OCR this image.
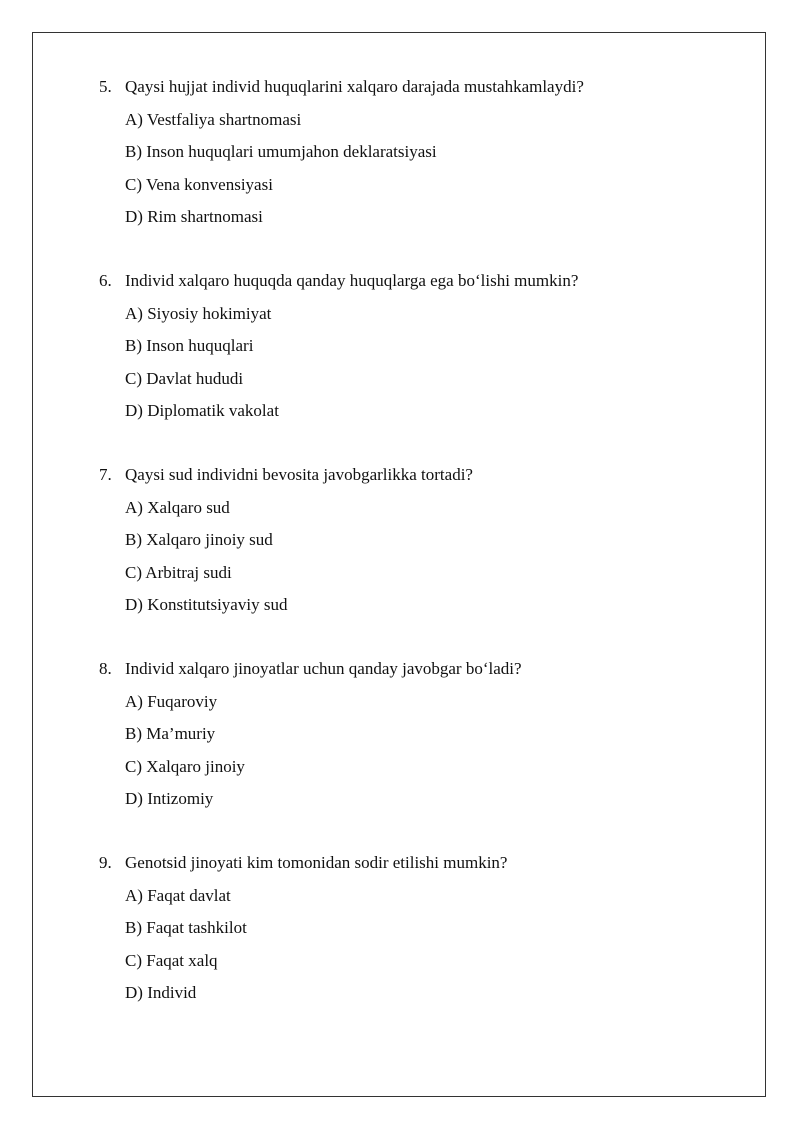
5. Qaysi hujjat individ huquqlarini xalqaro darajada mustahkamlaydi?
A) Vestfaliya shartnomasi
B) Inson huquqlari umumjahon deklaratsiyasi
C) Vena konvensiyasi
D) Rim shartnomasi
6. Individ xalqaro huquqda qanday huquqlarga ega bo‘lishi mumkin?
A) Siyosiy hokimiyat
B) Inson huquqlari
C) Davlat hududi
D) Diplomatik vakolat
7. Qaysi sud individni bevosita javobgarlikka tortadi?
A) Xalqaro sud
B) Xalqaro jinoiy sud
C) Arbitraj sudi
D) Konstitutsiyaviy sud
8. Individ xalqaro jinoyatlar uchun qanday javobgar bo‘ladi?
A) Fuqaroviy
B) Ma’muriy
C) Xalqaro jinoiy
D) Intizomiy
9. Genotsid jinoyati kim tomonidan sodir etilishi mumkin?
A) Faqat davlat
B) Faqat tashkilot
C) Faqat xalq
D) Individ
